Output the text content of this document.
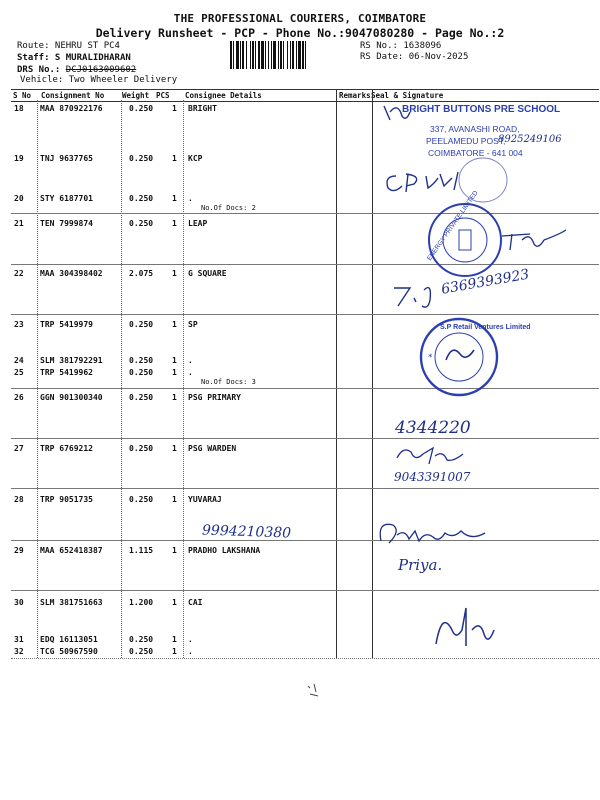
THE PROFESSIONAL COURIERS, COIMBATORE
Delivery Runsheet - PCP - Phone No.:9047080280 - Page No.:2
Route: NEHRU ST PC4
Staff: S MURALIDHARAN
DRS No.: DCJ0163009602
Vehicle: Two Wheeler Delivery
RS No.: 1638096
RS Date: 06-Nov-2025
S No Consignment No Weight PCS Consignee Details	Remarks Seal & Signature
18 MAA 870922176	0.250 1 BRIGHT
19 TNJ 9637765	0.250 1 KCP
20 STY 6187701	0.250 1 .
No.Of Docs: 2
21 TEN 7999874	0.250 1 LEAP
22 MAA 304398402	2.075 1 G SQUARE
23 TRP 5419979	0.250 1 SP
24 SLM 381792291	0.250 1 .
25 TRP 5419962	0.250 1 .
No.Of Docs: 3
26 GGN 901300340	0.250 1 PSG PRIMARY
27 TRP 6769212	0.250 1 PSG WARDEN
28 TRP 9051735	0.250 1 YUVARAJ
29 MAA 652418387	1.115 1 PRADHO LAKSHANA
30 SLM 381751663	1.200 1 CAI
31 EDQ 16113051	0.250 1 .
32 TCG 50967590	0.250 1 .
BRIGHT BUTTONS PRE SCHOOL
337, AVANASHI ROAD,
PEELAMEDU POST,
COIMBATORE - 641 004
8925249106
ENERGY PRIVATE LIMITED
6369393923
*
S.P Retail Ventures Limited
4344220
9043391007
9994210380
Priya.
